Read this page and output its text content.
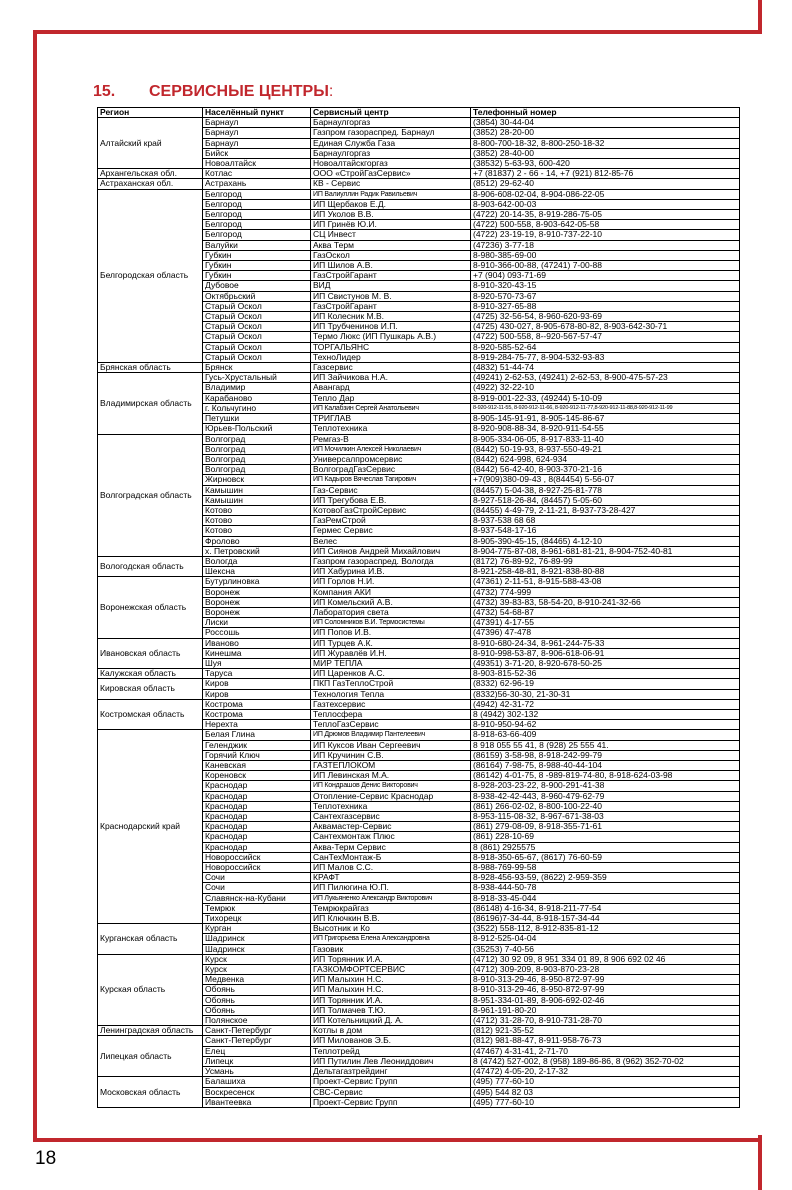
15. СЕРВИСНЫЕ ЦЕНТРЫ:
Регион	Населённый пункт	Сервисный центр	Телефонный номер
Алтайский край	Барнаул	Барнаулгоргаз	(3854) 30-44-04
	Барнаул	Газпром газораспред. Барнаул	(3852) 28-20-00
	Барнаул	Единая Служба Газа	8-800-700-18-32, 8-800-250-18-32
	Бийск	Барнаулгоргаз	(3852) 28-40-00
	Новоалтайск	Новоалтайскгоргаз	(38532) 5-63-93, 600-420
Архангельская обл.	Котлас	ООО «СтройГазСервис»	+7 (81837) 2 - 66 - 14, +7 (921) 812-85-76
Астраханская обл.	Астрахань	КВ - Сервис	(8512) 29-62-40
Белгородская область	Белгород	ИП Валиуллин Радик Равильевич	8-906-608-02-04, 8-904-086-22-05
	Белгород	ИП Щербаков Е.Д.	8-903-642-00-03
	Белгород	ИП Уколов В.В.	(4722) 20-14-35, 8-919-286-75-05
	Белгород	ИП Гринёв Ю.И.	(4722) 500-558, 8-903-642-05-58
	Белгород	СЦ Инвест	(4722) 23-19-19, 8-910-737-22-10
	Валуйки	Аква Терм	(47236) 3-77-18
	Губкин	ГазОскол	8-980-385-69-00
	Губкин	ИП Шилов А.В.	8-910-366-00-88, (47241) 7-00-88
	Губкин	ГазСтройГарант	+7 (904) 093-71-69
	Дубовое	ВИД	8-910-320-43-15
	Октябрьский	ИП Свистунов М. В.	8-920-570-73-67
	Старый Оскол	ГазСтройГарант	8-910-327-65-88
	Старый Оскол	ИП Колесник М.В.	(4725) 32-56-54, 8-960-620-93-69
	Старый Оскол	ИП Трубченинов И.П.	(4725) 430-027, 8-905-678-80-82, 8-903-642-30-71
	Старый Оскол	Термо Люкс (ИП Пушкарь А.В.)	(4722) 500-558, 8--920-567-57-47
	Старый Оскол	ТОРГАЛЬЯНС	8-920-585-52-64
	Старый Оскол	ТехноЛидер	8-919-284-75-77, 8-904-532-93-83
Брянская область	Брянск	Газсервис	(4832) 51-44-74
Владимирская область	Гусь-Хрустальный	ИП Зайчикова Н.А.	(49241) 2-62-53, (49241) 2-62-53, 8-900-475-57-23
	Владимир	Авангард	(4922) 32-22-10
	Карабаново	Тепло Дар	8-919-001-22-33, (49244) 5-10-09
	г. Кольчугино	ИП Калабзин Сергей Анатольевич	8-920-912-11-55, 8-920-912-11-66, 8-920-912-11-77,8-920-912-11-88,8-920-912-11-99
	Петушки	ТРИГЛАВ	8-905-145-91-91, 8-905-145-86-67
	Юрьев-Польский	Теплотехника	8-920-908-88-34, 8-920-911-54-55
Волгоградская область	Волгоград	Ремгаз-В	8-905-334-06-05, 8-917-833-11-40
	Волгоград	ИП Мочилкин Алексей Николаевич	(8442) 50-19-93, 8-937-550-49-21
	Волгоград	Универсалпромсервис	(8442) 624-998, 624-934
	Волгоград	ВолгоградГазСервис	(8442) 56-42-40, 8-903-370-21-16
	Жирновск	ИП Кадыров Вячеслав Тагирович	+7(909)380-09-43 , 8(84454) 5-56-07
	Камышин	Газ-Сервис	(84457) 5-04-38, 8-927-25-81-778
	Камышин	ИП Трегубова Е.В.	8-927-518-26-84, (84457) 5-05-60
	Котово	КотовоГазСтройСервис	(84455) 4-49-79, 2-11-21, 8-937-73-28-427
	Котово	ГазРемСтрой	8-937-538 68 68
	Котово	Гермес Сервис	8-937-548-17-16
	Фролово	Велес	8-905-390-45-15, (84465) 4-12-10
	х. Петровский	ИП Сиянов Андрей Михайлович	8-904-775-87-08, 8-961-681-81-21, 8-904-752-40-81
Вологодская область	Вологда	Газпром газораспред. Вологда	(8172) 76-89-92, 76-89-99
	Шексна	ИП Хабурина И.В.	8-921-258-48-81, 8-921-838-80-88
Воронежская область	Бутурлиновка	ИП Горлов Н.И.	(47361) 2-11-51, 8-915-588-43-08
	Воронеж	Компания АКИ	(4732) 774-999
	Воронеж	ИП Комельский А.В.	(4732) 39-83-83, 58-54-20, 8-910-241-32-66
	Воронеж	Лаборатория света	(4732) 54-68-87
	Лиски	ИП Соломников В.И. Термосистемы	(47391) 4-17-55
	Россошь	ИП Попов И.В.	(47396) 47-478
Ивановская область	Иваново	ИП Турцев А.К.	8-910-680-24-34, 8-961-244-75-33
	Кинешма	ИП Журавлёв И.Н.	8-910-998-53-87, 8-906-618-06-91
	Шуя	МИР ТЕПЛА	(49351) 3-71-20, 8-920-678-50-25
Калужская область	Таруса	ИП Царенков А.С.	8-903-815-52-36
Кировская область	Киров	ПКП ГазТеплоСтрой	(8332) 62-96-19
	Киров	Технология Тепла	(8332)56-30-30, 21-30-31
Костромская область	Кострома	Газтехсервис	(4942) 42-31-72
	Кострома	Теплосфера	8 (4942) 302-132
	Нерехта	ТеплоГазСервис	8-910-950-94-62
Краснодарский край	Белая Глина	ИП Дрюмов Владимир Пантелеевич	8-918-63-66-409
	Геленджик	ИП Куксов Иван Сергеевич	8 918 055 55 41, 8 (928) 25 555 41.
	Горячий Ключ	ИП Кручинин С.В.	(86159) 3-58-98, 8-918-242-99-79
	Каневская	ГАЗТЕПЛОКОМ	(86164) 7-98-75, 8-988-40-44-104
	Кореновск	ИП Левинская М.А.	(86142) 4-01-75, 8 -989-819-74-80, 8-918-624-03-98
	Краснодар	ИП Кондрашов Денис Викторович	8-928-203-23-22, 8-900-291-41-38
	Краснодар	Отопление-Сервис Краснодар	8-938-42-42-443, 8-960-479-62-79
	Краснодар	Теплотехника	(861) 266-02-02, 8-800-100-22-40
	Краснодар	Сантехгазсервис	8-953-115-08-32, 8-967-671-38-03
	Краснодар	Аквамастер-Сервис	(861) 279-08-09, 8-918-355-71-61
	Краснодар	Сантехмонтаж Плюс	(861) 228-10-69
	Краснодар	Аква-Терм Сервис	8 (861) 2925575
	Новороссийск	СанТехМонтаж-Б	8-918-350-65-67, (8617) 76-60-59
	Новороссийск	ИП Малов С.С.	8-988-769-99-58
	Сочи	КРАФТ	8-928-456-93-59, (8622) 2-959-359
	Сочи	ИП Пилюгина Ю.П.	8-938-444-50-78
	Славянск-на-Кубани	ИП Лукьяненко Александр Викторович	8-918-33-45-044
	Темрюк	Темрюкрайгаз	(86148) 4-16-34, 8-918-211-77-54
	Тихорецк	ИП Ключкин В.В.	(86196)7-34-44, 8-918-157-34-44
Курганская область	Курган	Высотник и Ко	(3522) 558-112, 8-912-835-81-12
	Шадринск	ИП Григорьева Елена Александровна	8-912-525-04-04
	Шадринск	Газовик	(35253) 7-40-56
Курская область	Курск	ИП Торянник И.А.	(4712) 30 92 09, 8 951 334 01 89, 8 906 692 02 46
	Курск	ГАЗКОМФОРТСЕРВИС	(4712) 309-209, 8-903-870-23-28
	Медвенка	ИП Малыхин Н.С.	8-910-313-29-46, 8-950-872-97-99
	Обоянь	ИП Малыхин Н.С.	8-910-313-29-46, 8-950-872-97-99
	Обоянь	ИП Торянник И.А.	8-951-334-01-89, 8-906-692-02-46
	Обоянь	ИП Толмачев Т.Ю.	8-961-191-80-20
	Полянское	ИП Котельницкий Д. А.	(4712) 31-28-70, 8-910-731-28-70
Ленинградская область	Санкт-Петербург	Котлы в дом	(812) 921-35-52
Липецкая область	Санкт-Петербург	ИП Милованов Э.Б.	(812) 981-88-47, 8-911-958-76-73
	Елец	Теплотрейд	(47467) 4-31-41, 2-71-70
	Липецк	ИП Путилин Лев Леониддович	8 (4742) 527-002, 8 (958) 189-86-86, 8 (962) 352-70-02
	Усмань	Дельтагазтрейдинг	(47472) 4-05-20, 2-17-32
Московская область	Балашиха	Проект-Сервис Групп	(495) 777-60-10
	Воскресенск	СВС-Сервис	(495) 544 82 03
	Ивантеевка	Проект-Сервис Групп	(495) 777-60-10
18
